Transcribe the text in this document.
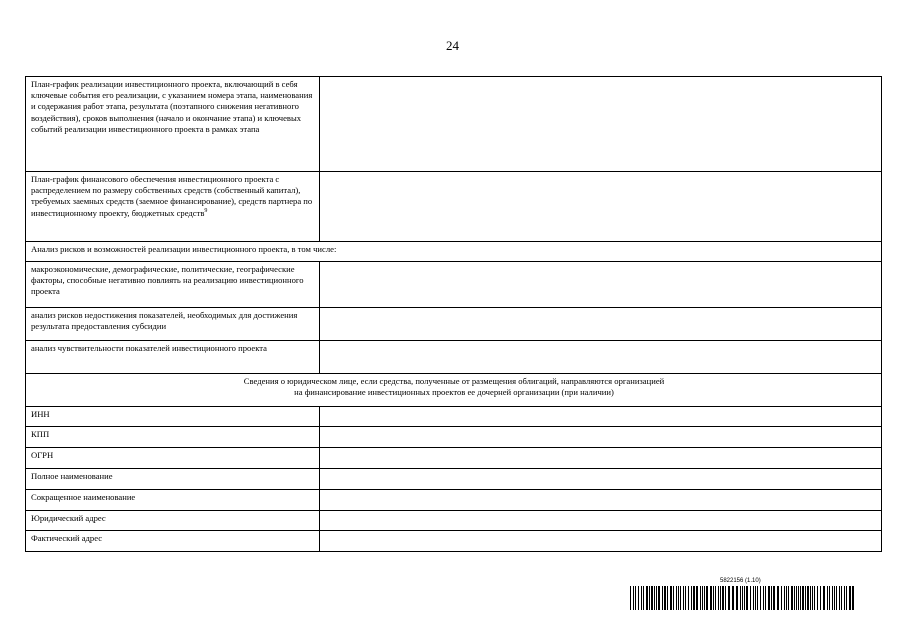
24
План-график реализации инвестиционного проекта, включающий в себя ключевые события его реализации, с указанием номера этапа, наименования и содержания работ этапа, результата (поэтапного снижения негативного воздействия), сроков выполнения (начало и окончание этапа) и ключевых событий реализации инвестиционного проекта в рамках этапа	
План-график финансового обеспечения инвестиционного проекта с распределением по размеру собственных средств (собственный капитал), требуемых заемных средств (заемное финансирование), средств партнера по инвестиционному проекту, бюджетных средств$^9$	
Анализ рисков и возможностей реализации инвестиционного проекта, в том числе:	
макроэкономические, демографические, политические, географические факторы, способные негативно повлиять на реализацию инвестиционного проекта	
анализ рисков недостижения показателей, необходимых для достижения результата предоставления субсидии	
анализ чувствительности показателей инвестиционного проекта	
Сведения о юридическом лице, если средства, полученные от размещения облигаций, направляются организацией
на финансирование инвестиционных проектов ее дочерней организации (при наличии)	
ИНН	
КПП	
ОГРН	
Полное наименование	
Сокращенное наименование	
Юридический адрес	
Фактический адрес	
5822156 (1.10)
